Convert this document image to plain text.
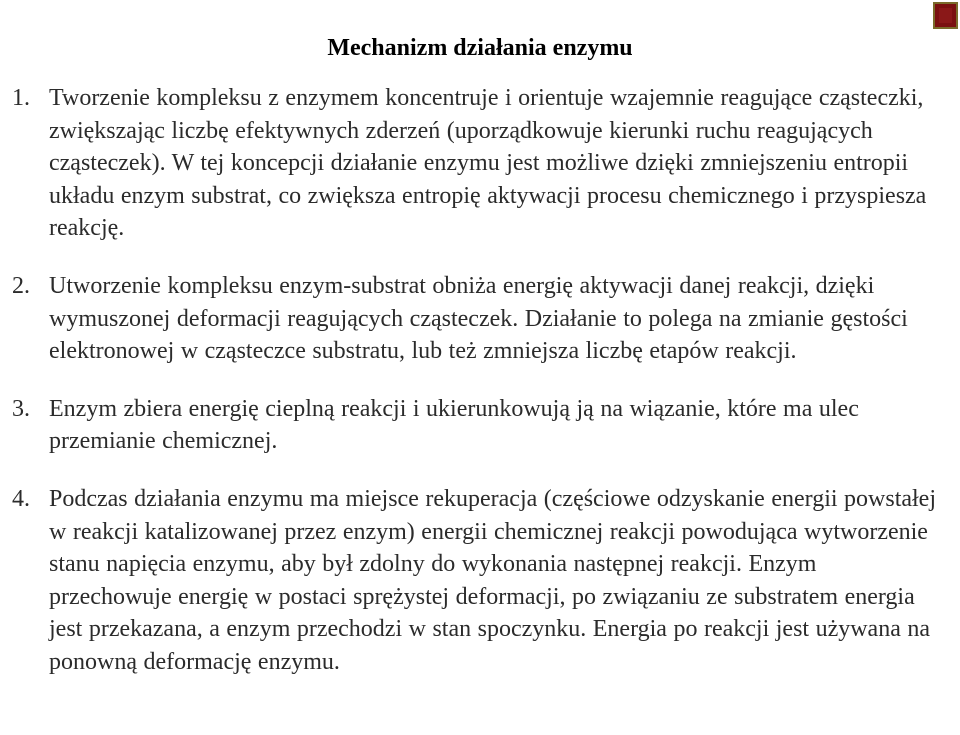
Mechanizm działania enzymu
1. Tworzenie kompleksu z enzymem koncentruje i orientuje wzajemnie reagujące cząsteczki, zwiększając liczbę efektywnych zderzeń (uporządkowuje kierunki ruchu reagujących cząsteczek). W tej koncepcji działanie enzymu jest możliwe dzięki zmniejszeniu entropii układu enzym substrat, co zwiększa entropię aktywacji procesu chemicznego i przyspiesza reakcję.
2. Utworzenie kompleksu enzym-substrat obniża energię aktywacji danej reakcji, dzięki wymuszonej deformacji reagujących cząsteczek. Działanie to polega na zmianie gęstości elektronowej w cząsteczce substratu, lub też zmniejsza liczbę etapów reakcji.
3. Enzym zbiera energię cieplną reakcji i ukierunkowują ją na wiązanie, które ma ulec przemianie chemicznej.
4. Podczas działania enzymu ma miejsce rekuperacja (częściowe odzyskanie energii powstałej w reakcji katalizowanej przez enzym) energii chemicznej reakcji powodująca wytworzenie stanu napięcia enzymu, aby był zdolny do wykonania następnej reakcji. Enzym przechowuje energię w postaci sprężystej deformacji, po związaniu ze substratem energia jest przekazana, a enzym przechodzi w stan spoczynku. Energia po reakcji jest używana na ponowną deformację enzymu.
